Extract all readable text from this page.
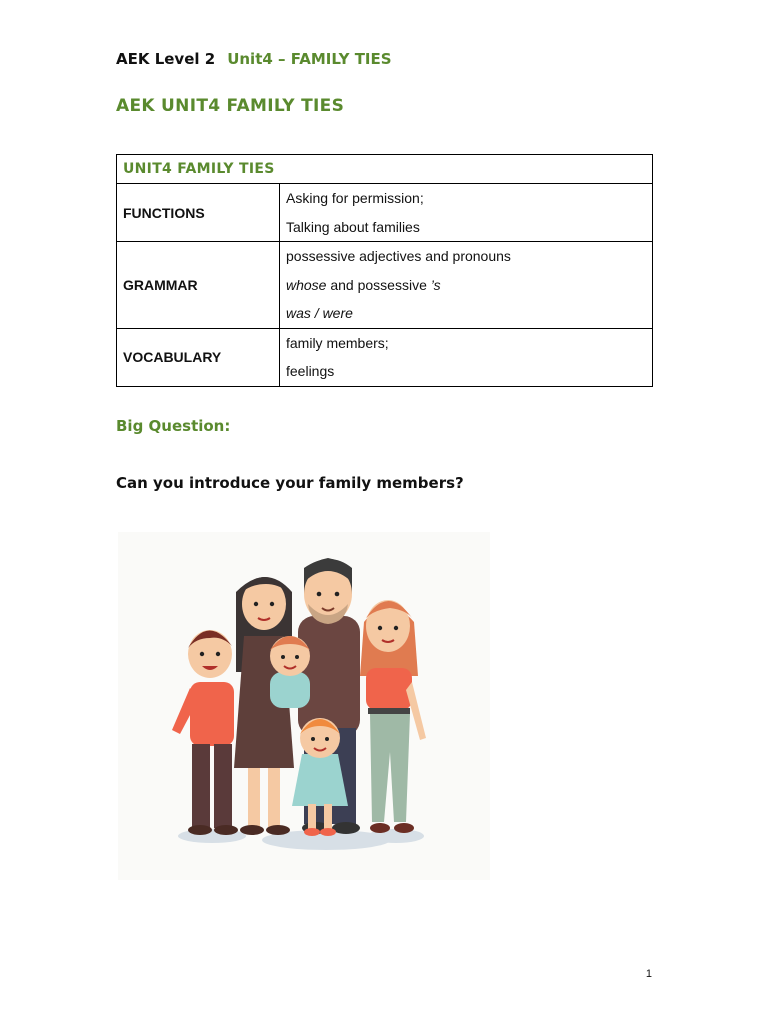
AEK Level 2 Unit4 – FAMILY TIES
AEK UNIT4 FAMILY TIES
UNIT4 FAMILY TIES	
FUNCTIONS	Asking for permission;
Talking about families

GRAMMAR	possessive adjectives and pronouns
whose and possessive ’s
was / were

VOCABULARY	family members;
feelings
Big Question:
Can you introduce your family members?
1
